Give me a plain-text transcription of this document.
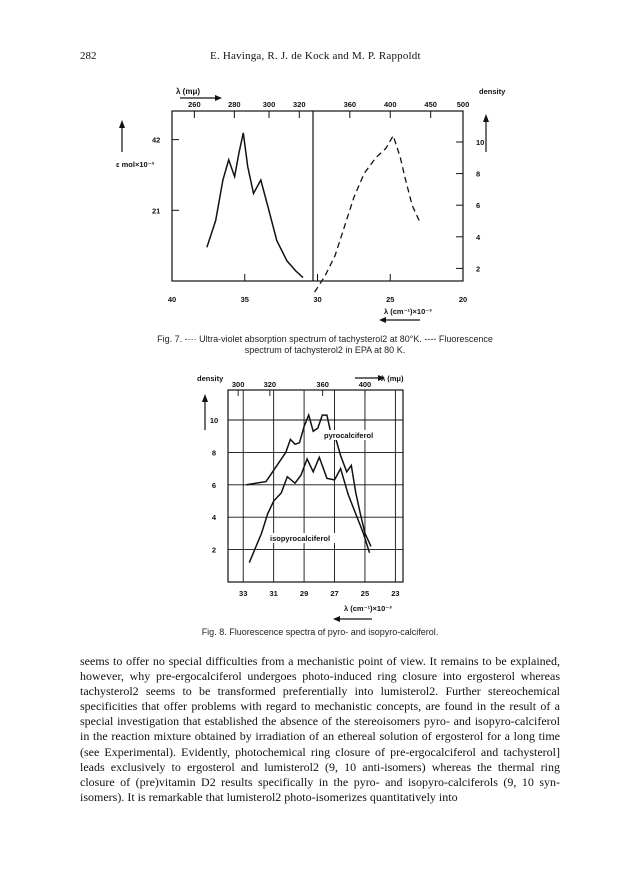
282	E. Havinga, R. J. de Kock and M. P. Rappoldt
260	280	300 320	360	400	450	500
40	35	30	25	20
42
21
10
8
6
4
2
λ (mμ)	density
ε mol×10⁻³
λ (cm⁻¹)×10⁻³
Fig. 7. -··· Ultra-violet absorption spectrum of tachysterol2 at 80°K. ---- Fluorescence
spectrum of tachysterol2 in EPA at 80 K.
10
8
6
4
2
33	31	29	27	25	23
300	320	360	400
density	λ (mμ)
λ (cm⁻¹)×10⁻³
pyrocalciferol
isopyrocalciferol
Fig. 8. Fluorescence spectra of pyro- and isopyro-calciferol.

seems to offer no special difficulties from a mechanistic point of view. It remains to be explained, however, why pre-ergocalciferol undergoes photo-induced ring closure into ergosterol whereas tachysterol2 seems to be transformed preferentially into lumisterol2. Further stereochemical specificities that offer problems with regard to mechanistic concepts, are found in the result of a special investigation that established the absence of the stereoisomers pyro- and isopyro-calciferol in the reaction mixture obtained by irradiation of an ethereal solution of ergosterol for a long time (see Experimental). Evidently, photochemical ring closure of pre-ergocalciferol and tachysterol] leads exclusively to ergosterol and lumisterol2 (9, 10 anti-isomers) whereas the thermal ring closure of (pre)vitamin D2 results specifically in the pyro- and isopyro-calciferols (9, 10 syn-isomers). It is remarkable that lumisterol2 photo-isomerizes quantitatively into
